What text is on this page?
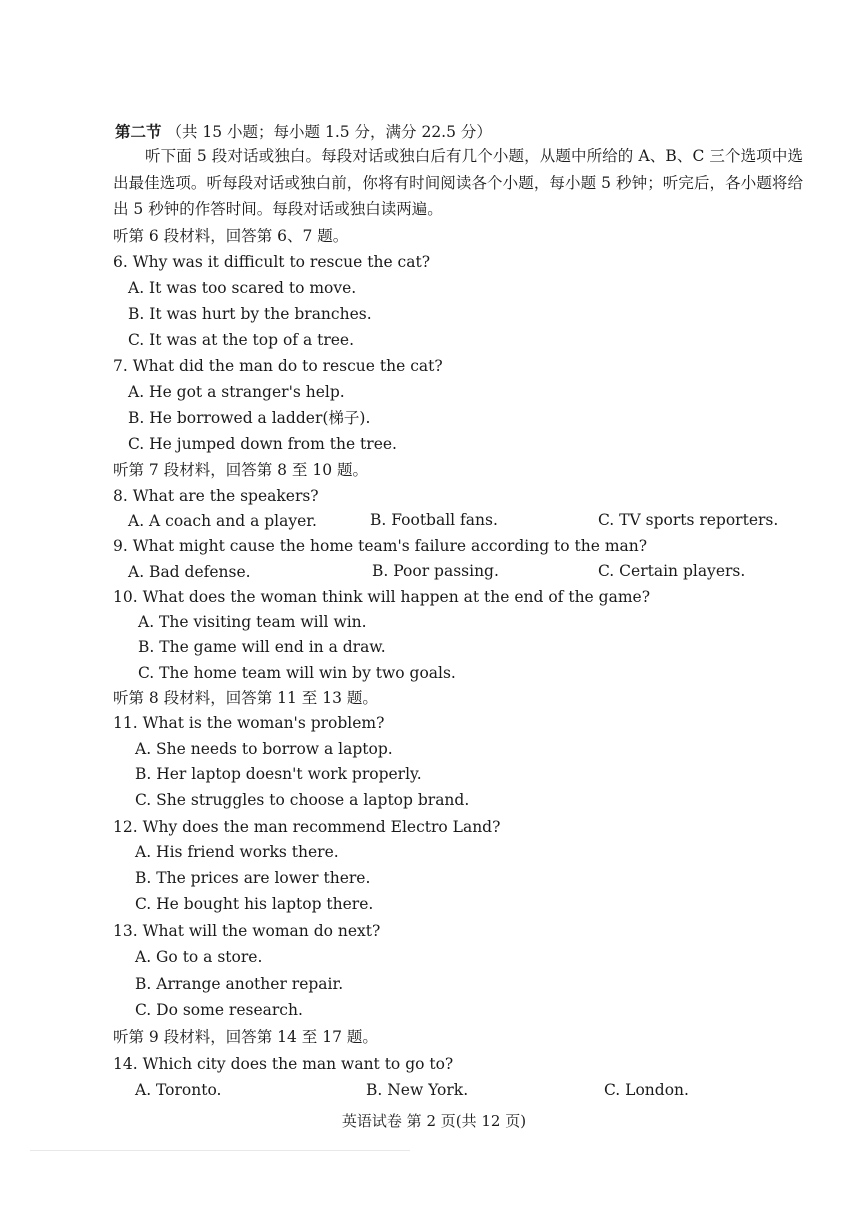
第二节 （共 15 小题；每小题 1.5 分，满分 22.5 分）
听下面 5 段对话或独白。每段对话或独白后有几个小题，从题中所给的 A、B、C 三个选项中选出最佳选项。听每段对话或独白前，你将有时间阅读各个小题，每小题 5 秒钟；听完后，各小题将给出 5 秒钟的作答时间。每段对话或独白读两遍。
听第 6 段材料，回答第 6、7 题。
6. Why was it difficult to rescue the cat?
A. It was too scared to move.
B. It was hurt by the branches.
C. It was at the top of a tree.
7. What did the man do to rescue the cat?
A. He got a stranger's help.
B. He borrowed a ladder(梯子).
C. He jumped down from the tree.
听第 7 段材料，回答第 8 至 10 题。
8. What are the speakers?
A. A coach and a player.	B. Football fans.	C. TV sports reporters.
9. What might cause the home team's failure according to the man?
A. Bad defense.	B. Poor passing.	C. Certain players.
10. What does the woman think will happen at the end of the game?
A. The visiting team will win.
B. The game will end in a draw.
C. The home team will win by two goals.
听第 8 段材料，回答第 11 至 13 题。
11. What is the woman's problem?
A. She needs to borrow a laptop.
B. Her laptop doesn't work properly.
C. She struggles to choose a laptop brand.
12. Why does the man recommend Electro Land?
A. His friend works there.
B. The prices are lower there.
C. He bought his laptop there.
13. What will the woman do next?
A. Go to a store.
B. Arrange another repair.
C. Do some research.
听第 9 段材料，回答第 14 至 17 题。
14. Which city does the man want to go to?
A. Toronto.	B. New York.	C. London.
英语试卷 第 2 页(共 12 页)
